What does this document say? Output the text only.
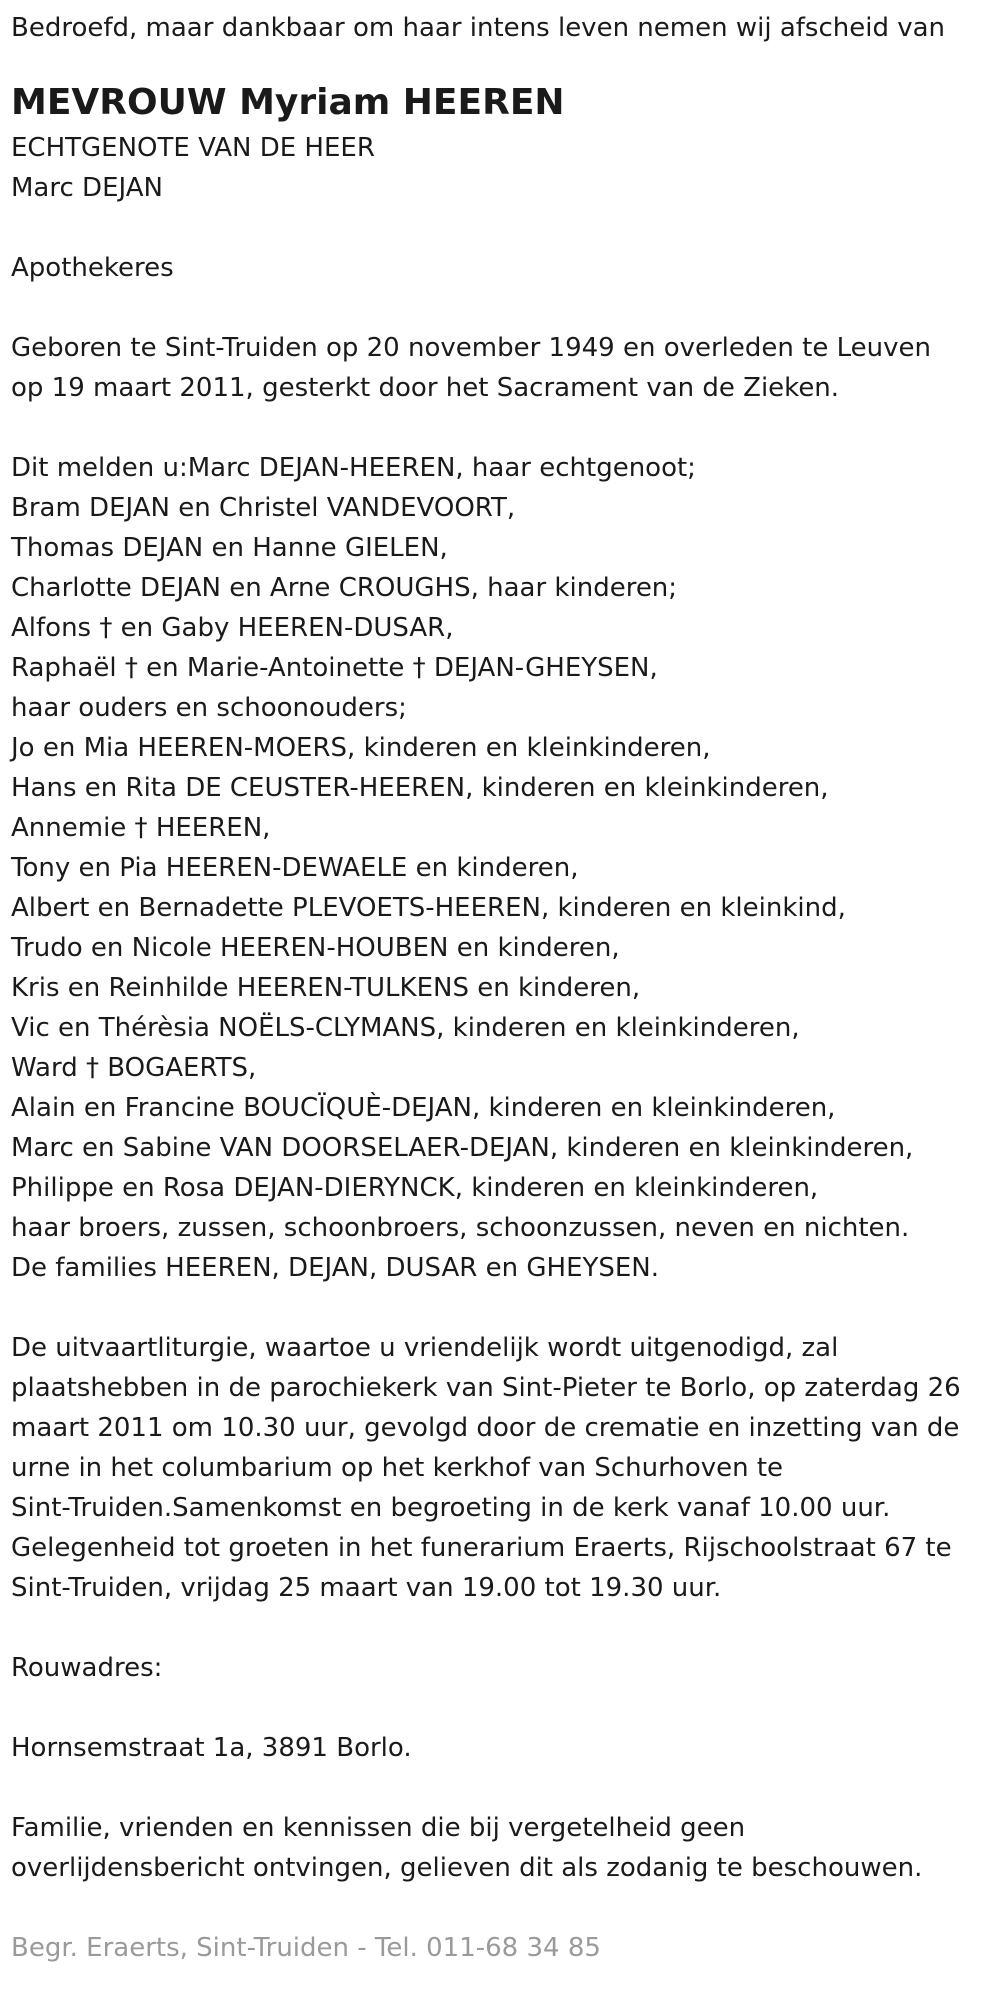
Bedroefd, maar dankbaar om haar intens leven nemen wij afscheid van
MEVROUW Myriam HEEREN
ECHTGENOTE VAN DE HEER
Marc DEJAN
Apothekeres
Geboren te Sint-Truiden op 20 november 1949 en overleden te Leuven
op 19 maart 2011, gesterkt door het Sacrament van de Zieken.
Dit melden u:Marc DEJAN-HEEREN, haar echtgenoot;
Bram DEJAN en Christel VANDEVOORT,
Thomas DEJAN en Hanne GIELEN,
Charlotte DEJAN en Arne CROUGHS, haar kinderen;
Alfons † en Gaby HEEREN-DUSAR,
Raphaël † en Marie-Antoinette † DEJAN-GHEYSEN,
haar ouders en schoonouders;
Jo en Mia HEEREN-MOERS, kinderen en kleinkinderen,
Hans en Rita DE CEUSTER-HEEREN, kinderen en kleinkinderen,
Annemie † HEEREN,
Tony en Pia HEEREN-DEWAELE en kinderen,
Albert en Bernadette PLEVOETS-HEEREN, kinderen en kleinkind,
Trudo en Nicole HEEREN-HOUBEN en kinderen,
Kris en Reinhilde HEEREN-TULKENS en kinderen,
Vic en Thérèsia NOËLS-CLYMANS, kinderen en kleinkinderen,
Ward † BOGAERTS,
Alain en Francine BOUCÏQUÈ-DEJAN, kinderen en kleinkinderen,
Marc en Sabine VAN DOORSELAER-DEJAN, kinderen en kleinkinderen,
Philippe en Rosa DEJAN-DIERYNCK, kinderen en kleinkinderen,
haar broers, zussen, schoonbroers, schoonzussen, neven en nichten.
De families HEEREN, DEJAN, DUSAR en GHEYSEN.
De uitvaartliturgie, waartoe u vriendelijk wordt uitgenodigd, zal
plaatshebben in de parochiekerk van Sint-Pieter te Borlo, op zaterdag 26
maart 2011 om 10.30 uur, gevolgd door de crematie en inzetting van de
urne in het columbarium op het kerkhof van Schurhoven te
Sint-Truiden.Samenkomst en begroeting in de kerk vanaf 10.00 uur.
Gelegenheid tot groeten in het funerarium Eraerts, Rijschoolstraat 67 te
Sint-Truiden, vrijdag 25 maart van 19.00 tot 19.30 uur.
Rouwadres:
Hornsemstraat 1a, 3891 Borlo.
Familie, vrienden en kennissen die bij vergetelheid geen
overlijdensbericht ontvingen, gelieven dit als zodanig te beschouwen.
Begr. Eraerts, Sint-Truiden - Tel. 011-68 34 85
